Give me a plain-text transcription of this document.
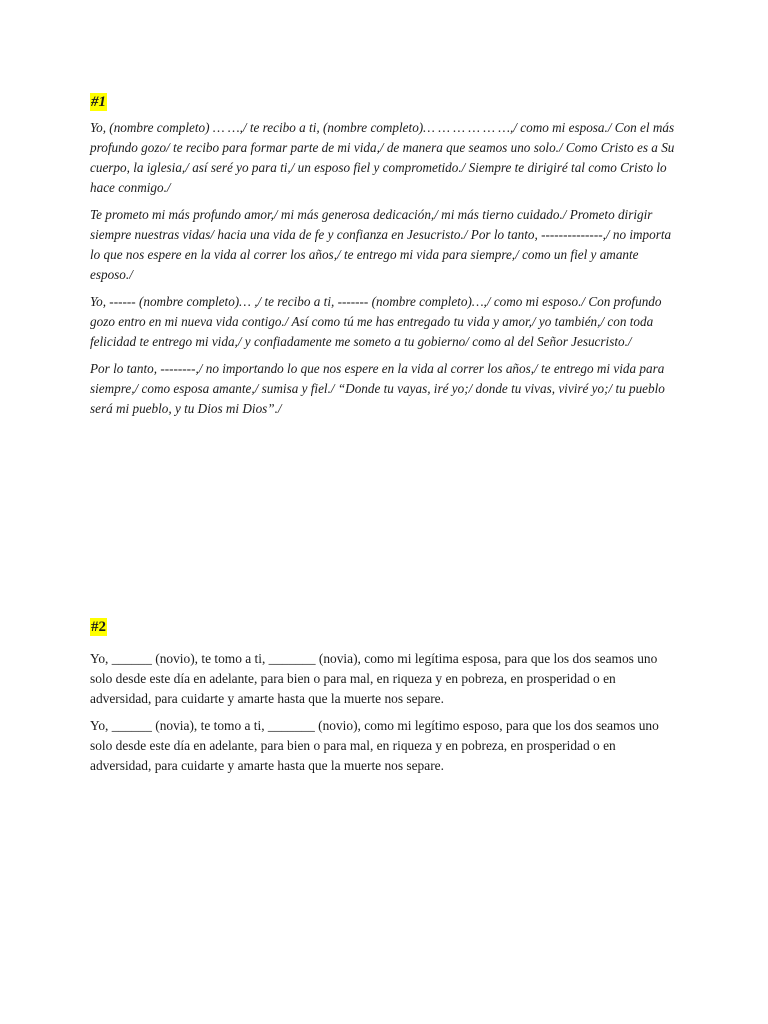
#1

Yo, (nombre completo) … …,/ te recibo a ti, (nombre completo)… … … … … …,/ como mi esposa./ Con el más profundo gozo/ te recibo para formar parte de mi vida,/ de manera que seamos uno solo./ Como Cristo es a Su cuerpo, la iglesia,/ así seré yo para ti,/ un esposo fiel y comprometido./ Siempre te dirigiré tal como Cristo lo hace conmigo./

Te prometo mi más profundo amor,/ mi más generosa dedicación,/ mi más tierno cuidado./ Prometo dirigir siempre nuestras vidas/ hacia una vida de fe y confianza en Jesucristo./ Por lo tanto, --------------,/ no importa lo que nos espere en la vida al correr los años,/ te entrego mi vida para siempre,/ como un fiel y amante esposo./

Yo, ------ (nombre completo)… ,/ te recibo a ti, ------- (nombre completo)…,/ como mi esposo./ Con profundo gozo entro en mi nueva vida contigo./ Así como tú me has entregado tu vida y amor,/ yo también,/ con toda felicidad te entrego mi vida,/ y confiadamente me someto a tu gobierno/ como al del Señor Jesucristo./

Por lo tanto, --------,/ no importando lo que nos espere en la vida al correr los años,/ te entrego mi vida para siempre,/ como esposa amante,/ sumisa y fiel./ “Donde tu vayas, iré yo;/ donde tu vivas, viviré yo;/ tu pueblo será mi pueblo, y tu Dios mi Dios”./

#2

Yo, ______ (novio), te tomo a ti, _______ (novia), como mi legítima esposa, para que los dos seamos uno solo desde este día en adelante, para bien o para mal, en riqueza y en pobreza, en prosperidad o en adversidad, para cuidarte y amarte hasta que la muerte nos separe.

Yo, ______ (novia), te tomo a ti, _______ (novio), como mi legítimo esposo, para que los dos seamos uno solo desde este día en adelante, para bien o para mal, en riqueza y en pobreza, en prosperidad o en adversidad, para cuidarte y amarte hasta que la muerte nos separe.
